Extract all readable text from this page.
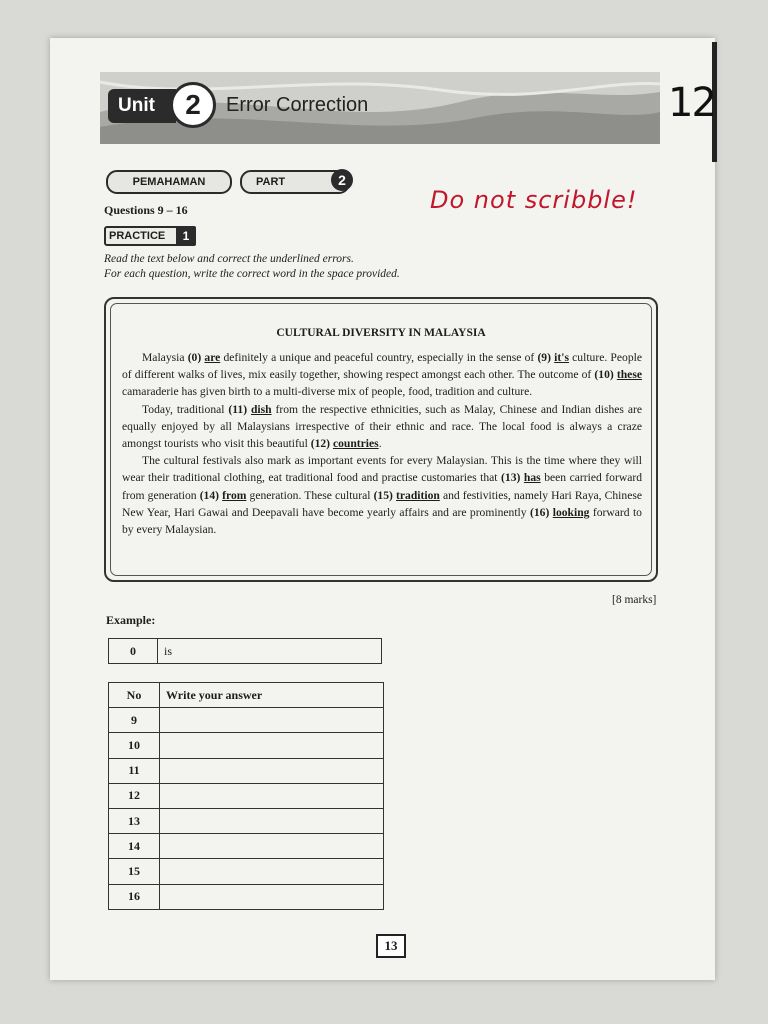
Unit	2	Error Correction	12
PEMAHAMAN	PART	2
Do not scribble!
Questions 9 – 16
PRACTICE	1
Read the text below and correct the underlined errors.
For each question, write the correct word in the space provided.
CULTURAL DIVERSITY IN MALAYSIA

Malaysia (0) are definitely a unique and peaceful country, especially in the sense of (9) it's culture. People of different walks of lives, mix easily together, showing respect amongst each other. The outcome of (10) these camaraderie has given birth to a multi-diverse mix of people, food, tradition and culture.

Today, traditional (11) dish from the respective ethnicities, such as Malay, Chinese and Indian dishes are equally enjoyed by all Malaysians irrespective of their ethnic and race. The local food is always a craze amongst tourists who visit this beautiful (12) countries.

The cultural festivals also mark as important events for every Malaysian. This is the time where they will wear their traditional clothing, eat traditional food and practise customaries that (13) has been carried forward from generation (14) from generation. These cultural (15) tradition and festivities, namely Hari Raya, Chinese New Year, Hari Gawai and Deepavali have become yearly affairs and are prominently (16) looking forward to by every Malaysian.

[8 marks]
Example:
0	is
No	Write your answer
9	
10	
11	
12	
13	
14	
15	
16	
13
